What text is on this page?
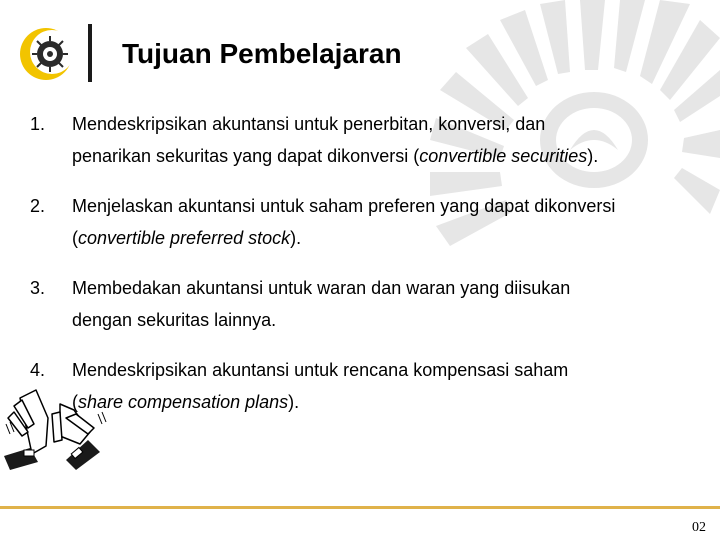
Tujuan Pembelajaran
1.	Mendeskripsikan akuntansi untuk penerbitan, konversi, dan penarikan sekuritas yang dapat dikonversi (convertible securities).
2.	Menjelaskan akuntansi untuk saham preferen yang dapat dikonversi (convertible preferred stock).
3.	Membedakan akuntansi untuk waran dan waran yang diisukan dengan sekuritas lainnya.
4.	Mendeskripsikan akuntansi untuk rencana kompensasi saham (share compensation plans).
02
